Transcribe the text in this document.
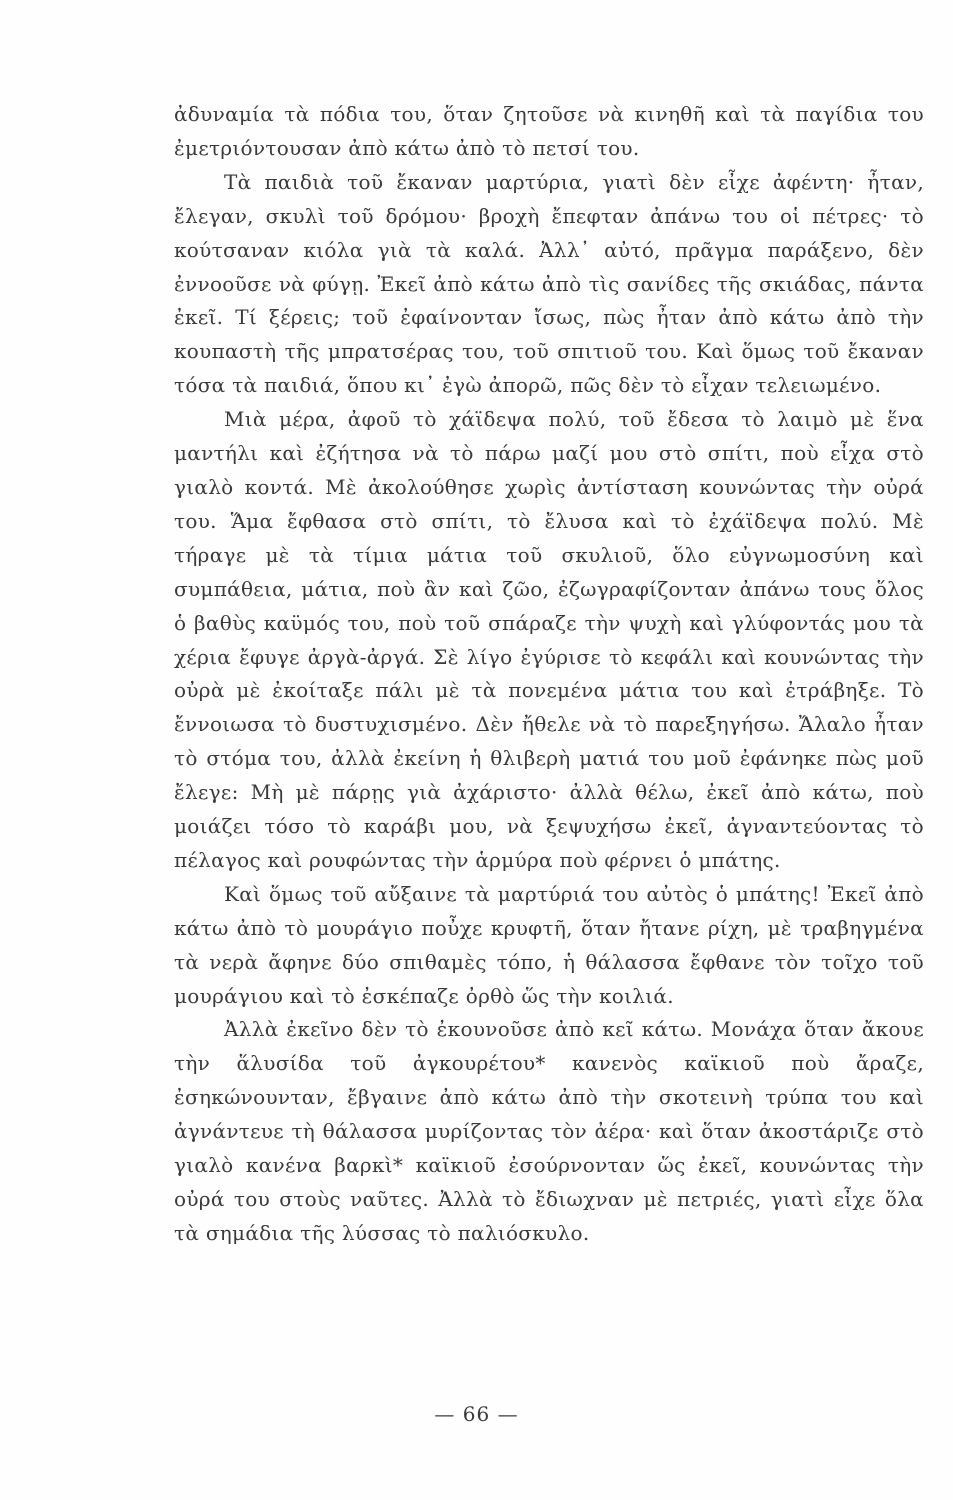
ἀδυναμία τὰ πόδια του, ὅταν ζητοῦσε νὰ κινηθῆ καὶ τὰ παγίδια του ἐμετριόντουσαν ἀπὸ κάτω ἀπὸ τὸ πετσί του.

Τὰ παιδιὰ τοῦ ἔκαναν μαρτύρια, γιατὶ δὲν εἶχε ἀφέντη· ἦταν, ἔλεγαν, σκυλὶ τοῦ δρόμου· βροχὴ ἔπεφταν ἀπάνω του οἱ πέτρες· τὸ κούτσαναν κιόλα γιὰ τὰ καλά. Ἀλλ᾿ αὐτό, πρᾶγμα παράξενο, δὲν ἐννοοῦσε νὰ φύγῃ. Ἐκεῖ ἀπὸ κάτω ἀπὸ τὶς σανίδες τῆς σκιάδας, πάντα ἐκεῖ. Τί ξέρεις; τοῦ ἐφαίνονταν ἴσως, πὼς ἦταν ἀπὸ κάτω ἀπὸ τὴν κουπαστὴ τῆς μπρατσέρας του, τοῦ σπιτιοῦ του. Καὶ ὅμως τοῦ ἔκαναν τόσα τὰ παιδιά, ὅπου κι᾿ ἐγὼ ἀπορῶ, πῶς δὲν τὸ εἶχαν τελειωμένο.

Μιὰ μέρα, ἀφοῦ τὸ χάϊδεψα πολύ, τοῦ ἔδεσα τὸ λαιμὸ μὲ ἕνα μαντήλι καὶ ἐζήτησα νὰ τὸ πάρω μαζί μου στὸ σπίτι, ποὺ εἶχα στὸ γιαλὸ κοντά. Μὲ ἀκολούθησε χωρὶς ἀντίσταση κουνώντας τὴν οὐρά του. Ἅμα ἔφθασα στὸ σπίτι, τὸ ἔλυσα καὶ τὸ ἐχάϊδεψα πολύ. Μὲ τήραγε μὲ τὰ τίμια μάτια τοῦ σκυλιοῦ, ὅλο εὐγνωμοσύνη καὶ συμπάθεια, μάτια, ποὺ ἂν καὶ ζῶο, ἐζωγραφίζονταν ἀπάνω τους ὅλος ὁ βαθὺς καϋμός του, ποὺ τοῦ σπάραζε τὴν ψυχὴ καὶ γλύφοντάς μου τὰ χέρια ἔφυγε ἀργὰ-ἀργά. Σὲ λίγο ἐγύρισε τὸ κεφάλι καὶ κουνώντας τὴν οὐρὰ μὲ ἐκοίταξε πάλι μὲ τὰ πονεμένα μάτια του καὶ ἐτράβηξε. Τὸ ἔννοιωσα τὸ δυστυχισμένο. Δὲν ἤθελε νὰ τὸ παρεξηγήσω. Ἄλαλο ἦταν τὸ στόμα του, ἀλλὰ ἐκείνη ἡ θλιβερὴ ματιά του μοῦ ἐφάνηκε πὼς μοῦ ἔλεγε: Μὴ μὲ πάρῃς γιὰ ἀχάριστο· ἀλλὰ θέλω, ἐκεῖ ἀπὸ κάτω, ποὺ μοιάζει τόσο τὸ καράβι μου, νὰ ξεψυχήσω ἐκεῖ, ἀγναντεύοντας τὸ πέλαγος καὶ ρουφώντας τὴν ἁρμύρα ποὺ φέρνει ὁ μπάτης.

Καὶ ὅμως τοῦ αὔξαινε τὰ μαρτύριά του αὐτὸς ὁ μπάτης! Ἐκεῖ ἀπὸ κάτω ἀπὸ τὸ μουράγιο ποὖχε κρυφτῆ, ὅταν ἤτανε ρίχη, μὲ τραβηγμένα τὰ νερὰ ἄφηνε δύο σπιθαμὲς τόπο, ἡ θάλασσα ἔφθανε τὸν τοῖχο τοῦ μουράγιου καὶ τὸ ἐσκέπαζε ὀρθὸ ὥς τὴν κοιλιά.

Ἀλλὰ ἐκεῖνο δὲν τὸ ἐκουνοῦσε ἀπὸ κεῖ κάτω. Μονάχα ὅταν ἄκουε τὴν ἅλυσίδα τοῦ ἀγκουρέτου* κανενὸς καϊκιοῦ ποὺ ἄραζε, ἐσηκώνουνταν, ἔβγαινε ἀπὸ κάτω ἀπὸ τὴν σκοτεινὴ τρύπα του καὶ ἀγνάντευε τὴ θάλασσα μυρίζοντας τὸν ἀέρα· καὶ ὅταν ἀκοστάριζε στὸ γιαλὸ κανένα βαρκὶ* καϊκιοῦ ἐσούρνονταν ὥς ἐκεῖ, κουνώντας τὴν οὐρά του στοὺς ναῦτες. Ἀλλὰ τὸ ἔδιωχναν μὲ πετριές, γιατὶ εἶχε ὅλα τὰ σημάδια τῆς λύσσας τὸ παλιόσκυλο.

— 66 —
